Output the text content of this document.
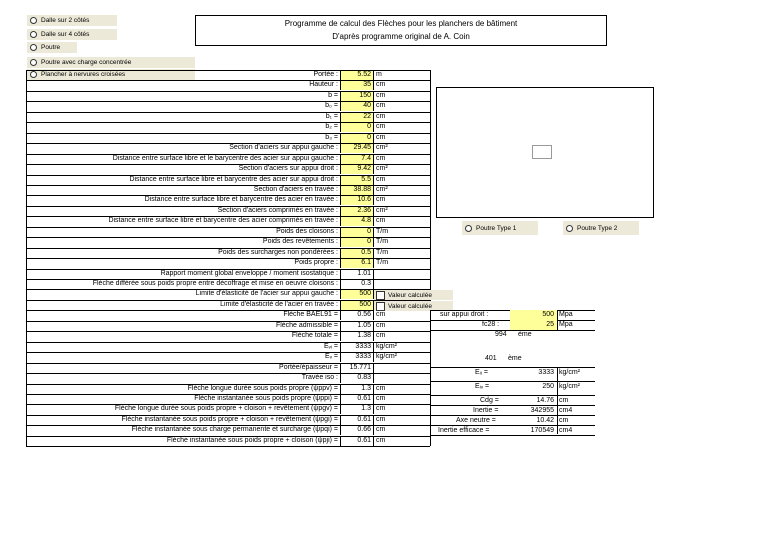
Dalle sur 2 côtés
Dalle sur 4 côtés
Poutre
Poutre avec charge concentrée
Plancher à nervures croisées
Programme de calcul des Flèches pour les planchers de bâtiment
D'après programme original de A. Coin
Portée :	5.52 m
Hauteur :	35 cm
b =	150 cm
b₀ =	40 cm
b₁ =	22 cm
b₂ =	0 cm
b₃ =	0 cm
Section d'aciers sur appui gauche :	29.45 cm²
Distance entre surface libre et le barycentre des acier sur appui gauche :	7.4 cm
Section d'aciers sur appui droit :	9.42 cm²
Distance entre surface libre et barycentre des acier sur appui droit :	5.5 cm
Section d'aciers en travée :	38.88 cm²
Distance entre surface libre et barycentre des acier en travée :	10.6 cm
Section d'aciers comprimés en travée :	2.36 cm²
Distance entre surface libre et barycentre des acier comprimés en travée :	4.8 cm
Poids des cloisons :	0 T/m
Poids des revêtements :	0 T/m
Poids des surcharges non pondérées :	0.5 T/m
Poids propre :	6.1 T/m
Rapport moment global enveloppe / moment isostatique :	1.01
Flèche différée sous poids propre entre décoffrage et mise en oeuvre cloisons :	0.3
Limite d'élasticité de l'acier sur appui gauche :	500
Limite d'élasticité de l'acier en travée :	500
Flèche BAEL91 =	0.56 cm
Flèche admissible =	1.05 cm
Flèche totale =	1.38 cm
Eᵥᵢ =	3333 kg/cm²
Eᵥ =	3333 kg/cm²
Portée/épaisseur =	15.771
Travée iso :	0.83
Flèche longue durée sous poids propre (ψppv) =	1.3 cm
Flèche instantanée sous poids propre (ψppi) =	0.61 cm
Flèche longue durée sous poids propre + cloison + revêtement (ψpgv) =	1.3 cm
Flèche instantanée sous poids propre + cloison + revêtement (ψpgi) =	0.61 cm
Flèche instantanée sous charge permanente et surcharge (ψpqi) =	0.66 cm
Flèche instantanée sous poids propre + cloison (ψpji) =	0.61 cm
Poutre Type 1	Poutre Type 2
Valeur calculée
Valeur calculée
sur appui droit :	500 Mpa
fc28 :	25 Mpa
994 ème
401 ème
Eᵢᵢ =	3333 kg/cm²
Eᵢᵥ =	250 kg/cm²
Cdg =	14.76 cm
Inertie =	342955 cm4
Axe neutre =	10.42 cm
Inertie efficace =	170549 cm4
